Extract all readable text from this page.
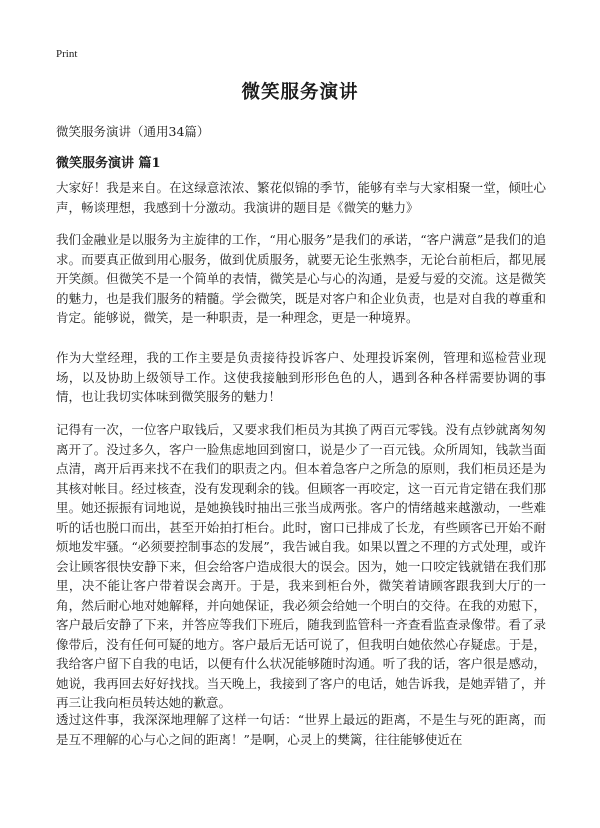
Print
微笑服务演讲
微笑服务演讲（通用34篇）
微笑服务演讲 篇1

大家好！我是来自。在这绿意浓浓、繁花似锦的季节，能够有幸与大家相聚一堂，倾吐心声，畅谈理想，我感到十分激动。我演讲的题目是《微笑的魅力》

我们金融业是以服务为主旋律的工作，“用心服务”是我们的承诺，“客户满意”是我们的追求。而要真正做到用心服务，做到优质服务，就要无论生张熟李，无论台前柜后，都见展开笑颜。但微笑不是一个简单的表情，微笑是心与心的沟通，是爱与爱的交流。这是微笑的魅力，也是我们服务的精髓。学会微笑，既是对客户和企业负责，也是对自我的尊重和肯定。能够说，微笑，是一种职责，是一种理念，更是一种境界。

作为大堂经理，我的工作主要是负责接待投诉客户、处理投诉案例，管理和巡检营业现场，以及协助上级领导工作。这使我接触到形形色色的人，遇到各种各样需要协调的事情，也让我切实体味到微笑服务的魅力！

记得有一次，一位客户取钱后，又要求我们柜员为其换了两百元零钱。没有点钞就离匆匆离开了。没过多久，客户一脸焦虑地回到窗口，说是少了一百元钱。众所周知，钱款当面点清，离开后再来找不在我们的职责之内。但本着急客户之所急的原则，我们柜员还是为其核对帐目。经过核查，没有发现剩余的钱。但顾客一再咬定，这一百元肯定错在我们那里。她还振振有词地说，是她换钱时抽出三张当成两张。客户的情绪越来越激动，一些难听的话也脱口而出，甚至开始拍打柜台。此时，窗口已排成了长龙，有些顾客已开始不耐烦地发牢骚。“必须要控制事态的发展”，我告诫自我。如果以置之不理的方式处理，或许会让顾客很快安静下来，但会给客户造成很大的误会。因为，她一口咬定钱就错在我们那里，决不能让客户带着误会离开。于是，我来到柜台外，微笑着请顾客跟我到大厅的一角，然后耐心地对她解释，并向她保证，我必须会给她一个明白的交待。在我的劝慰下，客户最后安静了下来，并答应等我们下班后，随我到监管科一齐查看监查录像带。看了录像带后，没有任何可疑的地方。客户最后无话可说了，但我明白她依然心存疑虑。于是，我给客户留下自我的电话，以便有什么状况能够随时沟通。听了我的话，客户很是感动，她说，我再回去好好找找。当天晚上，我接到了客户的电话，她告诉我，是她弄错了，并再三让我向柜员转达她的歉意。

透过这件事，我深深地理解了这样一句话：“世界上最远的距离，不是生与死的距离，而是互不理解的心与心之间的距离！”是啊，心灵上的樊篱，往往能够使近在
